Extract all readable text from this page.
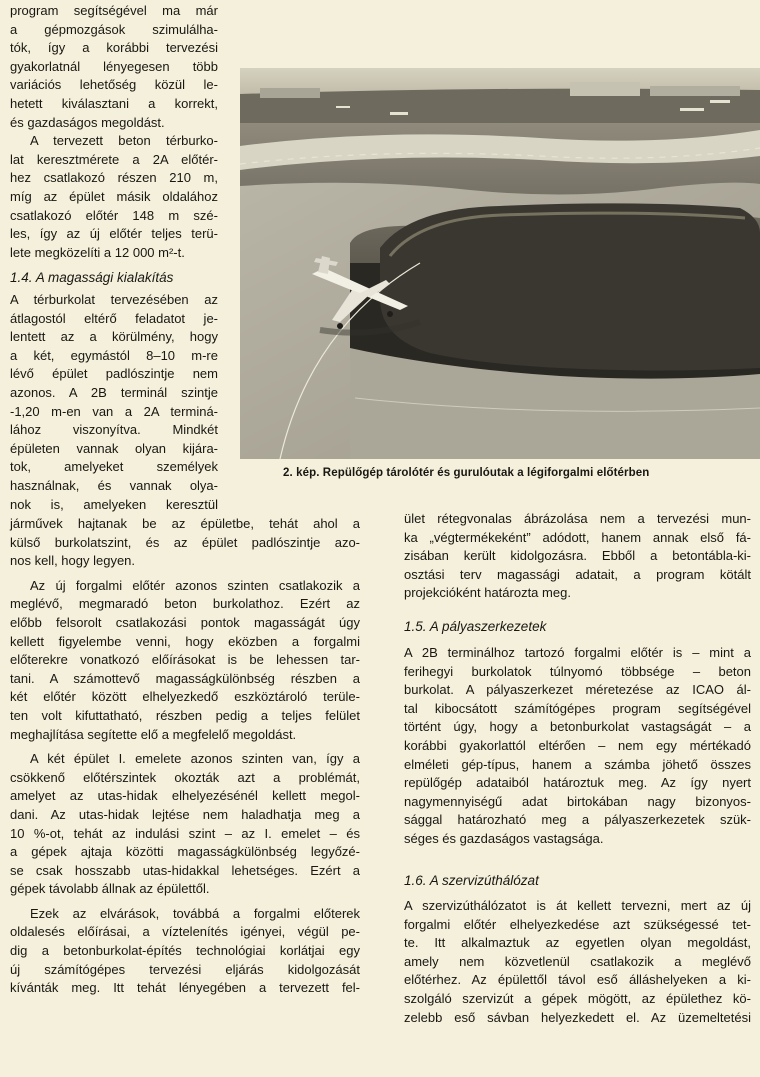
program segítségével ma már
a gépmozgások szimulálha-
tók, így a korábbi tervezési
gyakorlatnál lényegesen több
variációs lehetőség közül le-
hetett kiválasztani a korrekt,
és gazdaságos megoldást.
A tervezett beton térburko-
lat keresztmérete a 2A előtér-
hez csatlakozó részen 210 m,
míg az épület másik oldalához
csatlakozó előtér 148 m szé-
les, így az új előtér teljes terü-
lete megközelíti a 12 000 m²-t.
1.4. A magassági kialakítás
A térburkolat tervezésében az
átlagostól eltérő feladatot je-
lentett az a körülmény, hogy
a két, egymástól 8–10 m-re
lévő épület padlószintje nem
azonos. A 2B terminál szintje
-1,20 m-en van a 2A terminá-
lához viszonyítva. Mindkét
épületen vannak olyan kijára-
tok, amelyeket személyek
használnak, és vannak olya-
nok is, amelyeken keresztül
járművek hajtanak be az épületbe, tehát ahol a
külső burkolatszint, és az épület padlószintje azo-
nos kell, hogy legyen.
Az új forgalmi előtér azonos szinten csatlakozik a
meglévő, megmaradó beton burkolathoz. Ezért az
előbb felsorolt csatlakozási pontok magasságát úgy
kellett figyelembe venni, hogy eközben a forgalmi
előterekre vonatkozó előírásokat is be lehessen tar-
tani. A számottevő magasságkülönbség részben a
két előtér között elhelyezkedő eszköztároló terüle-
ten volt kifuttatható, részben pedig a teljes felület
meghajlítása segítette elő a megfelelő megoldást.
A két épület I. emelete azonos szinten van, így a
csökkenő előtérszintek okozták azt a problémát,
amelyet az utas-hidak elhelyezésénél kellett megol-
dani. Az utas-hidak lejtése nem haladhatja meg a
10 %-ot, tehát az indulási szint – az I. emelet – és
a gépek ajtaja közötti magasságkülönbség legyőzé-
se csak hosszabb utas-hidakkal lehetséges. Ezért a
gépek távolabb állnak az épülettől.
Ezek az elvárások, továbbá a forgalmi előterek
oldalesés előírásai, a víztelenítés igényei, végül pe-
dig a betonburkolat-építés technológiai korlátjai egy
új számítógépes tervezési eljárás kidolgozását
kívánták meg. Itt tehát lényegében a tervezett fel-
2. kép. Repülőgép tárolótér és gurulóutak a légiforgalmi előtérben
ület rétegvonalas ábrázolása nem a tervezési mun-
ka „végtermékeként” adódott, hanem annak első fá-
zisában került kidolgozásra. Ebből a betontábla-ki-
osztási terv magassági adatait, a program kötált
projekcióként határozta meg.
1.5. A pályaszerkezetek
A 2B terminálhoz tartozó forgalmi előtér is – mint a
ferihegyi burkolatok túlnyomó többsége – beton
burkolat. A pályaszerkezet méretezése az ICAO ál-
tal kibocsátott számítógépes program segítségével
történt úgy, hogy a betonburkolat vastagságát – a
korábbi gyakorlattól eltérően – nem egy mértékadó
elméleti gép-típus, hanem a számba jöhető összes
repülőgép adataiból határoztuk meg. Az így nyert
nagymennyiségű adat birtokában nagy bizonyos-
sággal határozható meg a pályaszerkezetek szük-
séges és gazdaságos vastagsága.
1.6. A szervizúthálózat
A szervizúthálózatot is át kellett tervezni, mert az új
forgalmi előtér elhelyezkedése azt szükségessé tet-
te. Itt alkalmaztuk az egyetlen olyan megoldást,
amely nem közvetlenül csatlakozik a meglévő
előtérhez. Az épülettől távol eső álláshelyeken a ki-
szolgáló szervizút a gépek mögött, az épülethez kö-
zelebb eső sávban helyezkedett el. Az üzemeltetési
